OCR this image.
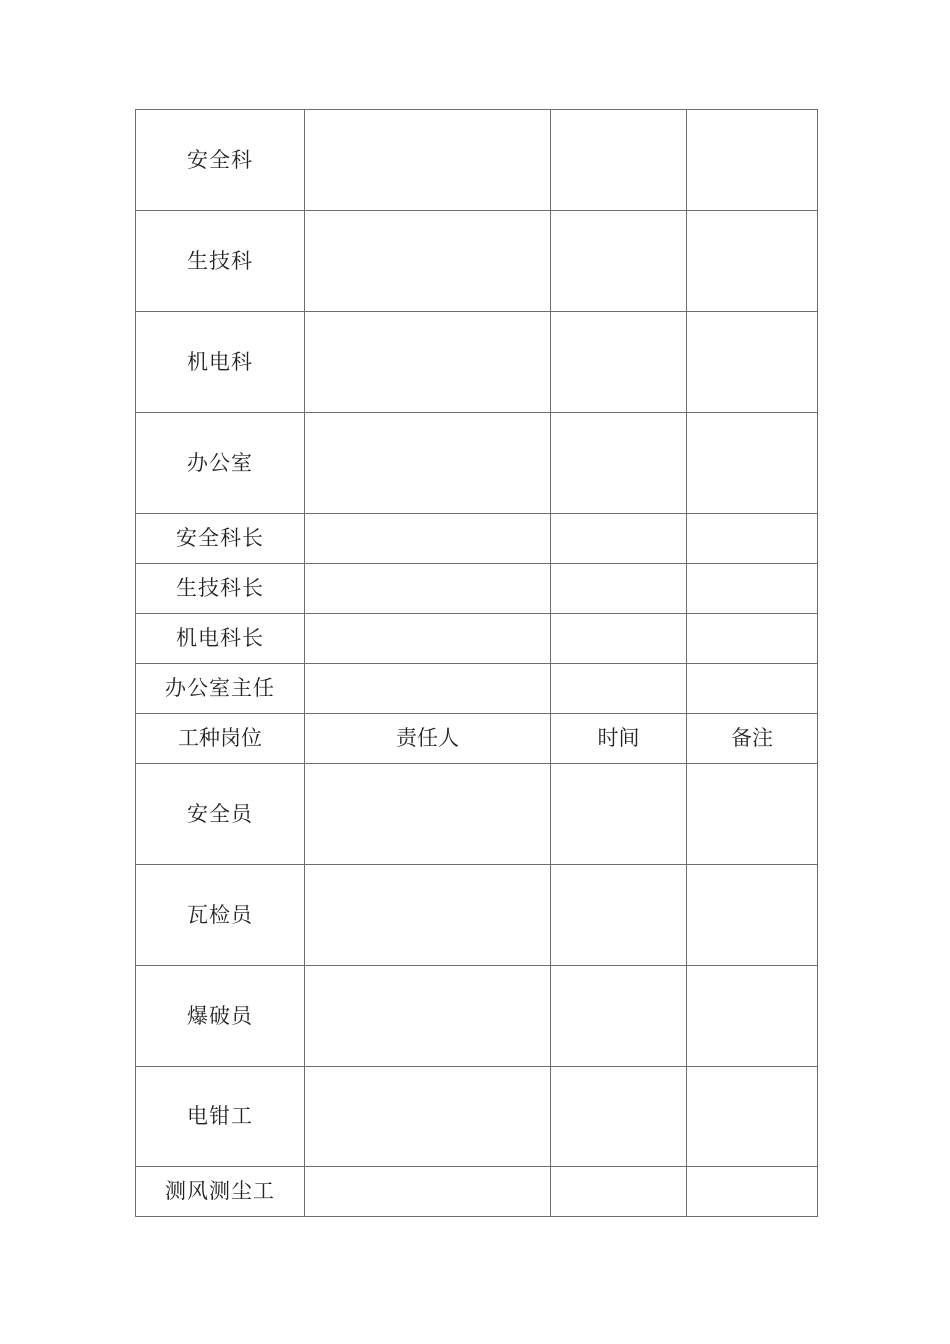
安全科			
生技科			
机电科			
办公室			
安全科长			
生技科长			
机电科长			
办公室主任			
工种岗位	责任人	时间	备注
安全员			
瓦检员			
爆破员			
电钳工			
测风测尘工			
